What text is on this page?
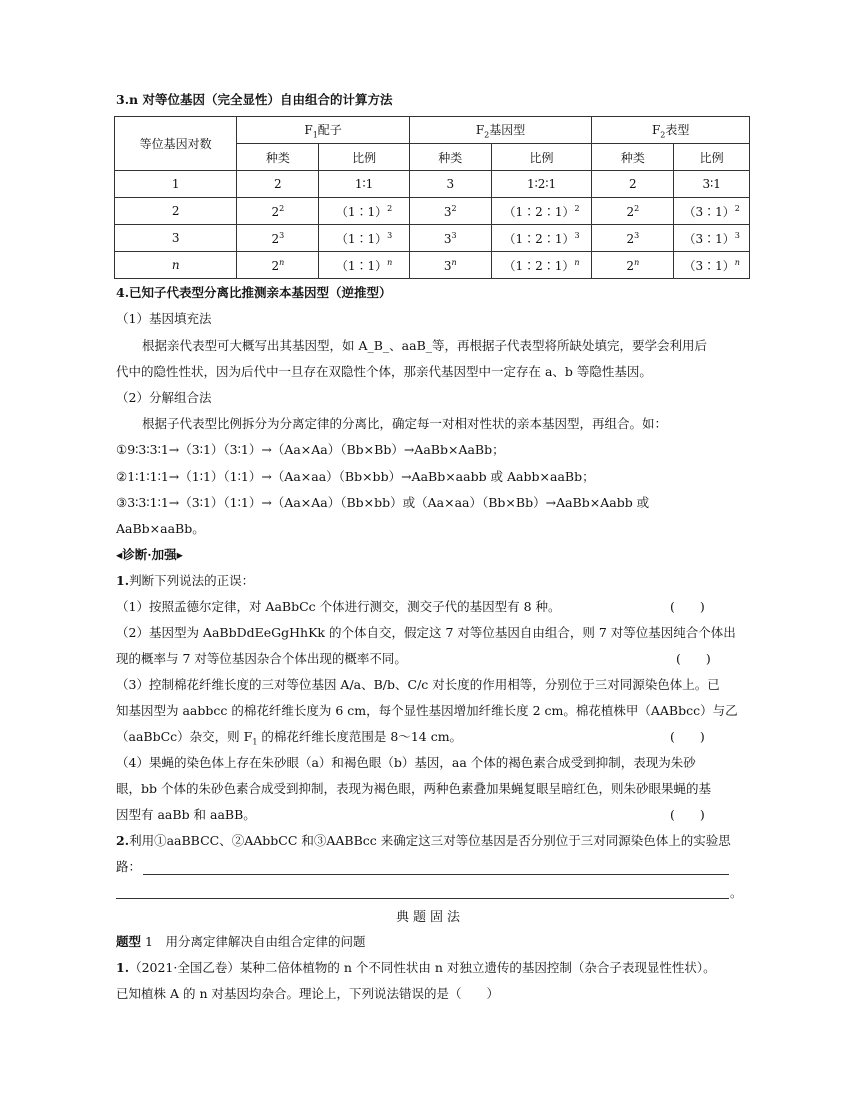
3.n 对等位基因（完全显性）自由组合的计算方法
等位基因对数	$F_1$配子		$F_2$基因型		$F_2$表型	
	种类	比例	种类	比例	种类	比例
1	2	1∶1	3	1∶2∶1	2	3∶1
2	$2^2$	（1∶1）$^2$	$3^2$	（1∶2∶1）$^2$	$2^2$	（3∶1）$^2$
3	$2^3$	（1∶1）$^3$	$3^3$	（1∶2∶1）$^3$	$2^3$	（3∶1）$^3$
n	2$^n$	（1∶1）$^n$	3$^n$	（1∶2∶1）$^n$	2$^n$	（3∶1）$^n$
4.已知子代表型分离比推测亲本基因型（逆推型）
（1）基因填充法
根据亲代表型可大概写出其基因型，如 A_B_、aaB_等，再根据子代表型将所缺处填完，要学会利用后
代中的隐性性状，因为后代中一旦存在双隐性个体，那亲代基因型中一定存在 a、b 等隐性基因。
（2）分解组合法
根据子代表型比例拆分为分离定律的分离比，确定每一对相对性状的亲本基因型，再组合。如：
①9∶3∶3∶1→（3∶1）（3∶1）→（Aa×Aa）（Bb×Bb）→AaBb×AaBb；
②1∶1∶1∶1→（1∶1）（1∶1）→（Aa×aa）（Bb×bb）→AaBb×aabb 或 Aabb×aaBb；
③3∶3∶1∶1→（3∶1）（1∶1）→（Aa×Aa）（Bb×bb）或（Aa×aa）（Bb×Bb）→AaBb×Aabb 或
AaBb×aaBb。
◂诊断·加强▸
1.判断下列说法的正误：
（1）按照孟德尔定律，对 AaBbCc 个体进行测交，测交子代的基因型有 8 种。	(　　)
（2）基因型为 AaBbDdEeGgHhKk 的个体自交，假定这 7 对等位基因自由组合，则 7 对等位基因纯合个体出
现的概率与 7 对等位基因杂合个体出现的概率不同。	(　　)
（3）控制棉花纤维长度的三对等位基因 A/a、B/b、C/c 对长度的作用相等，分别位于三对同源染色体上。已
知基因型为 aabbcc 的棉花纤维长度为 6 cm，每个显性基因增加纤维长度 2 cm。棉花植株甲（AABbcc）与乙
（aaBbCc）杂交，则 $F_1$ 的棉花纤维长度范围是 8～14 cm。	(　　)
（4）果蝇的染色体上存在朱砂眼（a）和褐色眼（b）基因，aa 个体的褐色素合成受到抑制，表现为朱砂
眼，bb 个体的朱砂色素合成受到抑制，表现为褐色眼，两种色素叠加果蝇复眼呈暗红色，则朱砂眼果蝇的基
因型有 aaBb 和 aaBB。	(　　)
2.利用①aaBBCC、②AAbbCC 和③AABBcc 来确定这三对等位基因是否分别位于三对同源染色体上的实验思
路：
。
典题固法
题型 1　用分离定律解决自由组合定律的问题
1.（2021·全国乙卷）某种二倍体植物的 n 个不同性状由 n 对独立遗传的基因控制（杂合子表现显性性状）。
已知植株 A 的 n 对基因均杂合。理论上，下列说法错误的是（　　）
